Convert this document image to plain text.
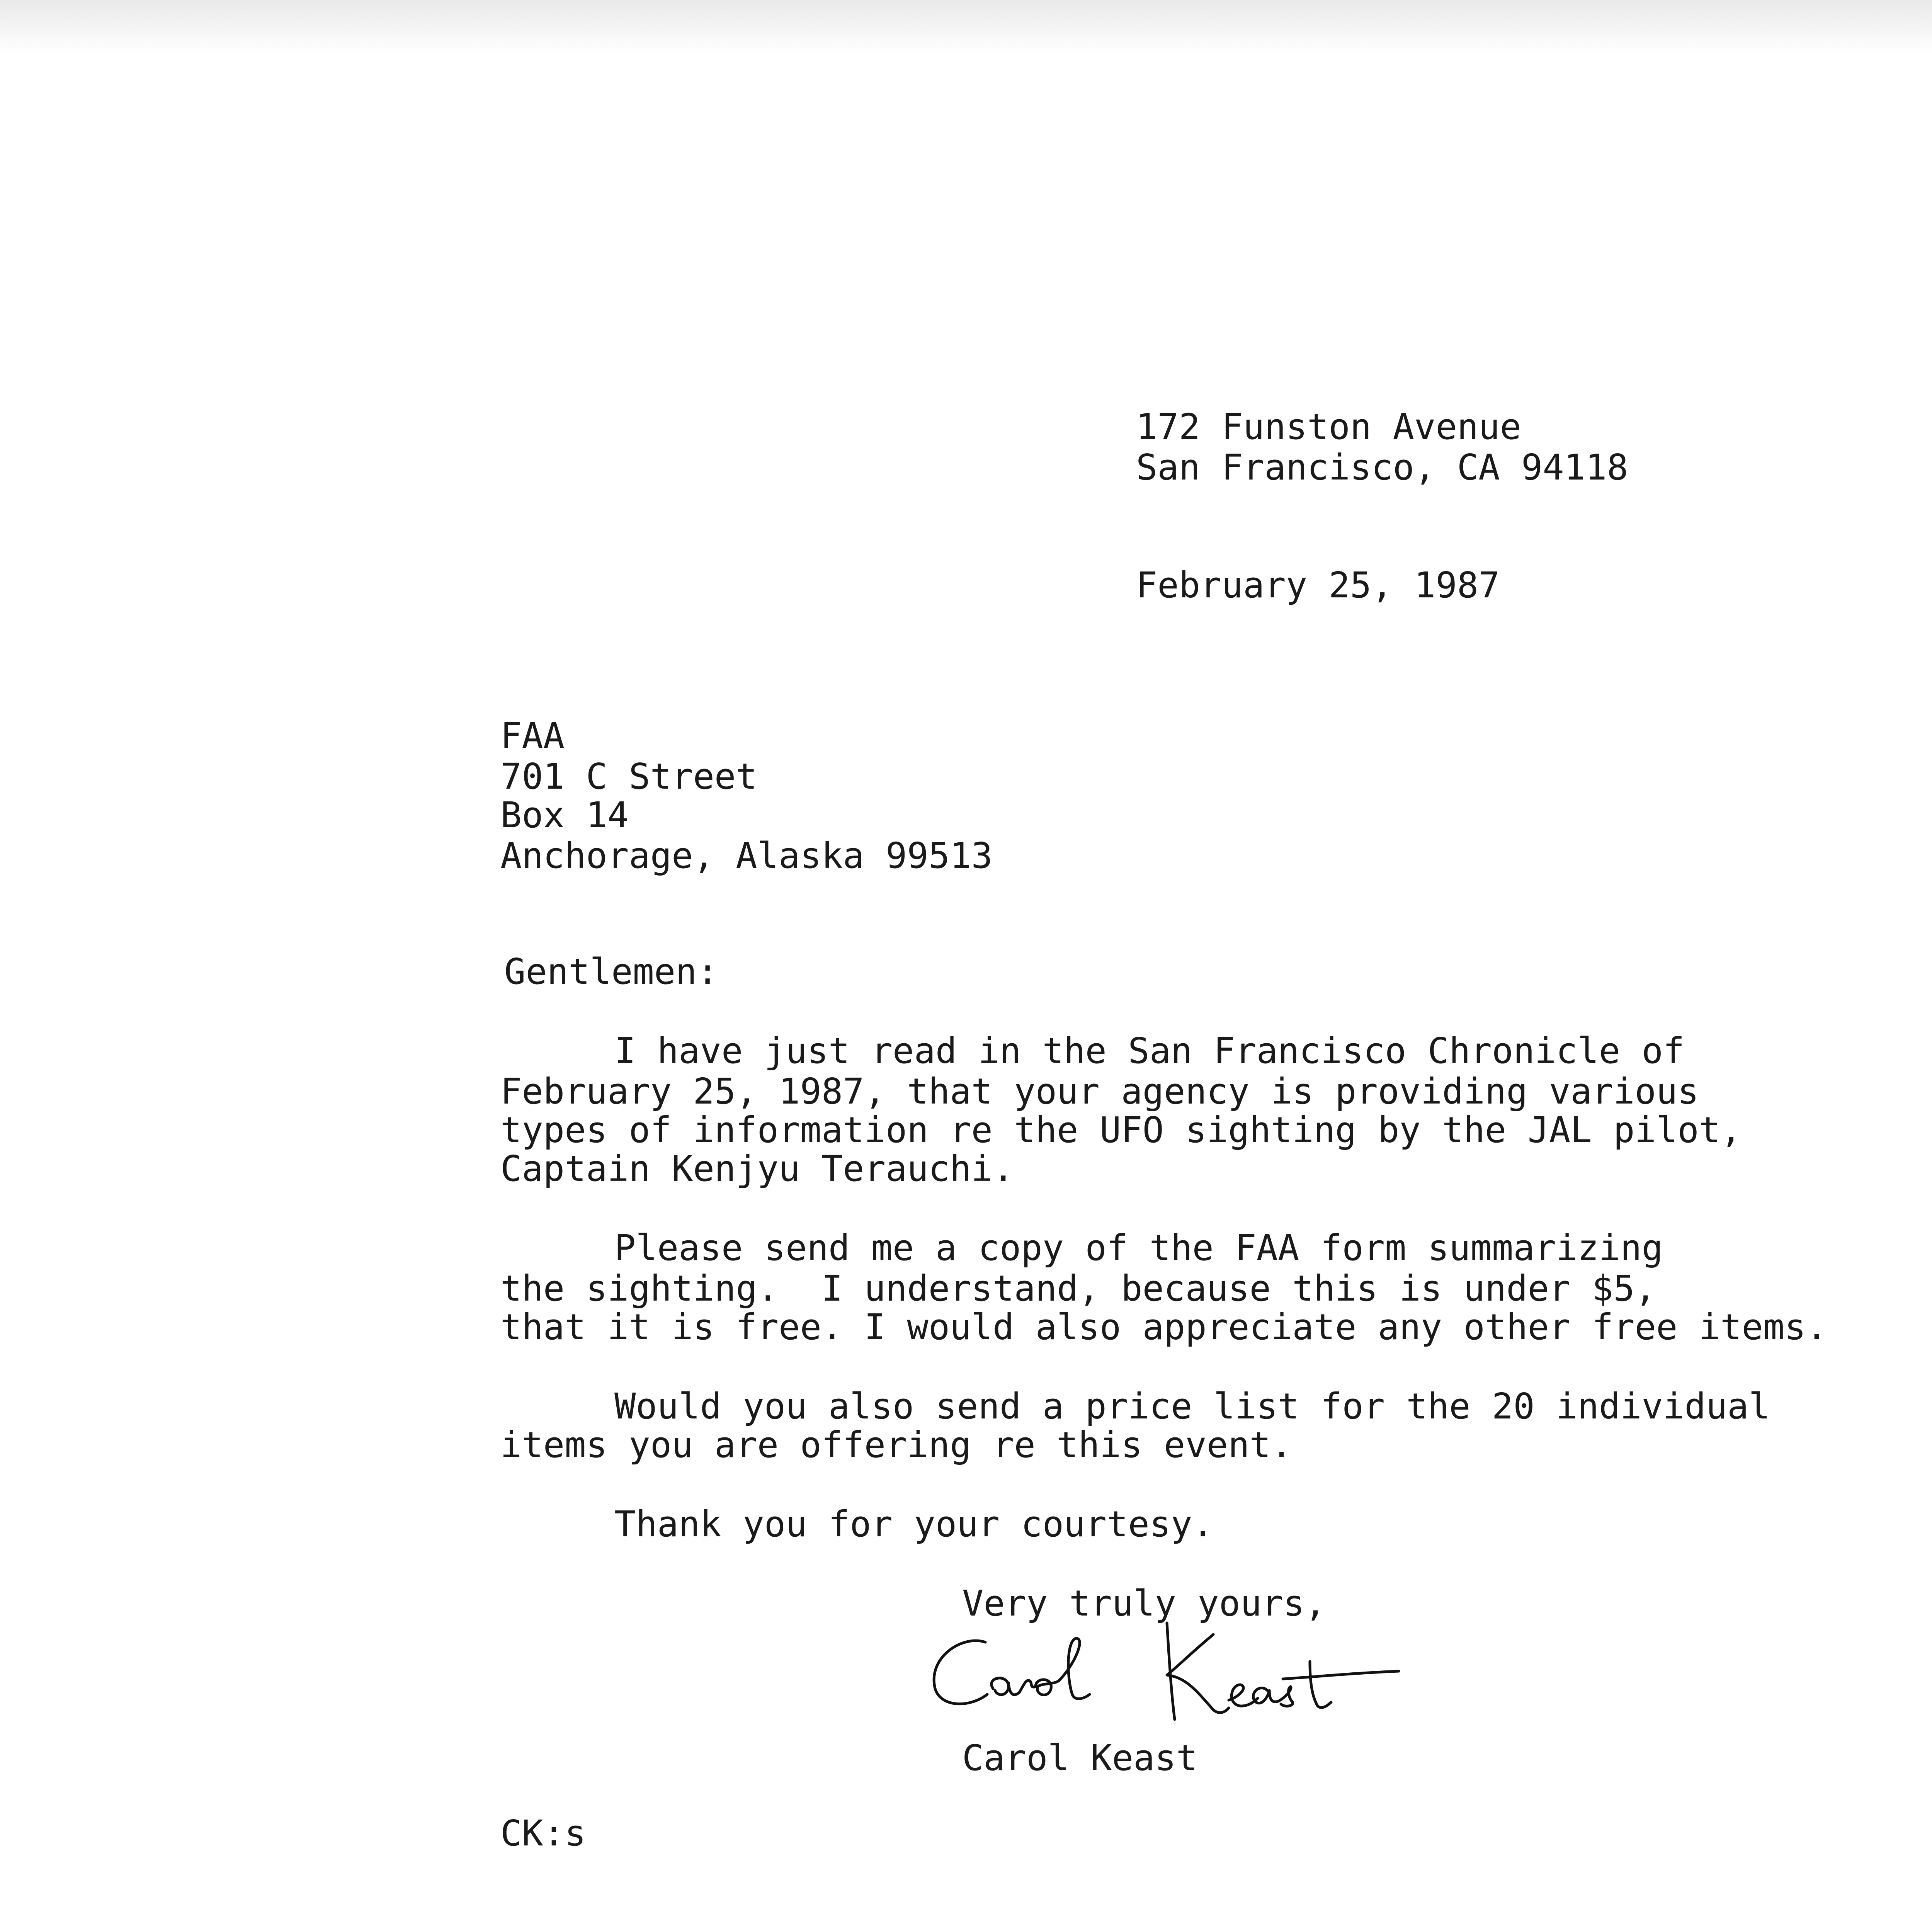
172 Funston Avenue

San Francisco, CA 94118

February 25, 1987

FAA

701 C Street

Box 14

Anchorage, Alaska 99513

Gentlemen:

I have just read in the San Francisco Chronicle of

February 25, 1987, that your agency is providing various

types of information re the UFO sighting by the JAL pilot,

Captain Kenjyu Terauchi.

Please send me a copy of the FAA form summarizing

the sighting.  I understand, because this is under $5,

that it is free. I would also appreciate any other free items.

Would you also send a price list for the 20 individual

items you are offering re this event.

Thank you for your courtesy.

Very truly yours,

Carol Keast

CK:s
